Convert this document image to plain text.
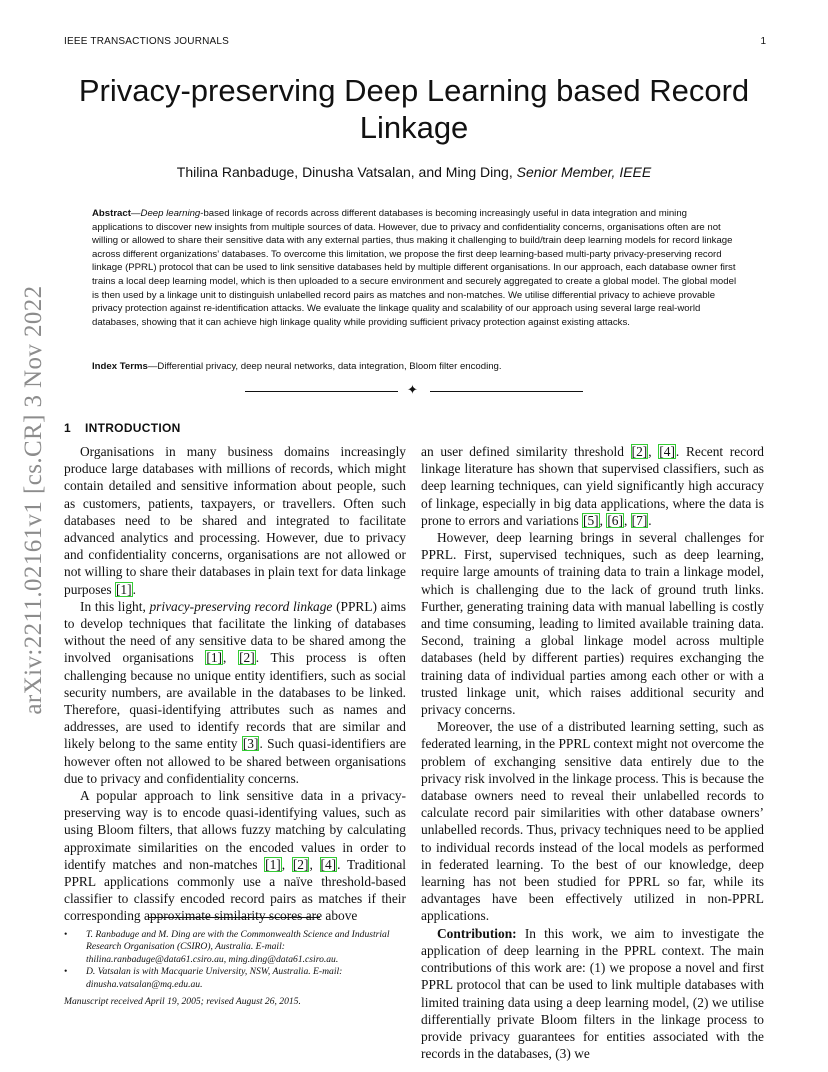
IEEE TRANSACTIONS JOURNALS	1
arXiv:2211.02161v1 [cs.CR] 3 Nov 2022
Privacy-preserving Deep Learning based Record Linkage
Thilina Ranbaduge, Dinusha Vatsalan, and Ming Ding, Senior Member, IEEE

Abstract—Deep learning-based linkage of records across different databases is becoming increasingly useful in data integration and mining applications to discover new insights from multiple sources of data. However, due to privacy and confidentiality concerns, organisations often are not willing or allowed to share their sensitive data with any external parties, thus making it challenging to build/train deep learning models for record linkage across different organizations’ databases. To overcome this limitation, we propose the first deep learning-based multi-party privacy-preserving record linkage (PPRL) protocol that can be used to link sensitive databases held by multiple different organisations. In our approach, each database owner first trains a local deep learning model, which is then uploaded to a secure environment and securely aggregated to create a global model. The global model is then used by a linkage unit to distinguish unlabelled record pairs as matches and non-matches. We utilise differential privacy to achieve provable privacy protection against re-identification attacks. We evaluate the linkage quality and scalability of our approach using several large real-world databases, showing that it can achieve high linkage quality while providing sufficient privacy protection against existing attacks.

Index Terms—Differential privacy, deep neural networks, data integration, Bloom filter encoding.

✦
1 INTRODUCTION

Organisations in many business domains increasingly produce large databases with millions of records, which might contain detailed and sensitive information about people, such as customers, patients, taxpayers, or travellers. Often such databases need to be shared and integrated to facilitate advanced analytics and processing. However, due to privacy and confidentiality concerns, organisations are not allowed or not willing to share their databases in plain text for data linkage purposes [1].

In this light, privacy-preserving record linkage (PPRL) aims to develop techniques that facilitate the linking of databases without the need of any sensitive data to be shared among the involved organisations [1], [2]. This process is often challenging because no unique entity identifiers, such as social security numbers, are available in the databases to be linked. Therefore, quasi-identifying attributes such as names and addresses, are used to identify records that are similar and likely belong to the same entity [3]. Such quasi-identifiers are however often not allowed to be shared between organisations due to privacy and confidentiality concerns.

A popular approach to link sensitive data in a privacy-preserving way is to encode quasi-identifying values, such as using Bloom filters, that allows fuzzy matching by calculating approximate similarities on the encoded values in order to identify matches and non-matches [1], [2], [4]. Traditional PPRL applications commonly use a naïve threshold-based classifier to classify encoded record pairs as matches if their corresponding approximate similarity scores are above

an user defined similarity threshold [2], [4]. Recent record linkage literature has shown that supervised classifiers, such as deep learning techniques, can yield significantly high accuracy of linkage, especially in big data applications, where the data is prone to errors and variations [5], [6], [7].

However, deep learning brings in several challenges for PPRL. First, supervised techniques, such as deep learning, require large amounts of training data to train a linkage model, which is challenging due to the lack of ground truth links. Further, generating training data with manual labelling is costly and time consuming, leading to limited available training data. Second, training a global linkage model across multiple databases (held by different parties) requires exchanging the training data of individual parties among each other or with a trusted linkage unit, which raises additional security and privacy concerns.

Moreover, the use of a distributed learning setting, such as federated learning, in the PPRL context might not overcome the problem of exchanging sensitive data entirely due to the privacy risk involved in the linkage process. This is because the database owners need to reveal their unlabelled records to calculate record pair similarities with other database owners’ unlabelled records. Thus, privacy techniques need to be applied to individual records instead of the local models as performed in federated learning. To the best of our knowledge, deep learning has not been studied for PPRL so far, while its advantages have been effectively utilized in non-PPRL applications.

Contribution: In this work, we aim to investigate the application of deep learning in the PPRL context. The main contributions of this work are: (1) we propose a novel and first PPRL protocol that can be used to link multiple databases with limited training data using a deep learning model, (2) we utilise differentially private Bloom filters in the linkage process to provide privacy guarantees for entities associated with the records in the databases, (3) we

• T. Ranbaduge and M. Ding are with the Commonwealth Science and Industrial Research Organisation (CSIRO), Australia. E-mail: thilina.ranbaduge@data61.csiro.au, ming.ding@data61.csiro.au.
• D. Vatsalan is with Macquarie University, NSW, Australia. E-mail: dinusha.vatsalan@mq.edu.au.
Manuscript received April 19, 2005; revised August 26, 2015.
